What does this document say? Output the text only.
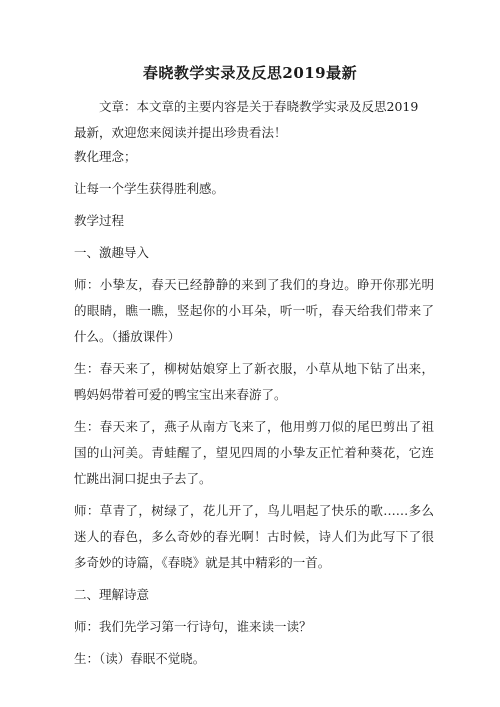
春晓教学实录及反思2019最新
文章：本文章的主要内容是关于春晓教学实录及反思2019最新，欢迎您来阅读并提出珍贵看法！
教化理念；
让每一个学生获得胜利感。
教学过程
一、激趣导入
师：小挚友，春天已经静静的来到了我们的身边。睁开你那光明的眼睛，瞧一瞧，竖起你的小耳朵，听一听，春天给我们带来了什么。（播放课件）
生：春天来了，柳树姑娘穿上了新衣服，小草从地下钻了出来，鸭妈妈带着可爱的鸭宝宝出来春游了。
生：春天来了，燕子从南方飞来了，他用剪刀似的尾巴剪出了祖国的山河美。青蛙醒了，望见四周的小挚友正忙着种葵花，它连忙跳出洞口捉虫子去了。
师：草青了，树绿了，花儿开了，鸟儿唱起了快乐的歌……多么迷人的春色，多么奇妙的春光啊！古时候，诗人们为此写下了很多奇妙的诗篇，《春晓》就是其中精彩的一首。
二、理解诗意
师：我们先学习第一行诗句，谁来读一读？
生：（读）春眠不觉晓。
